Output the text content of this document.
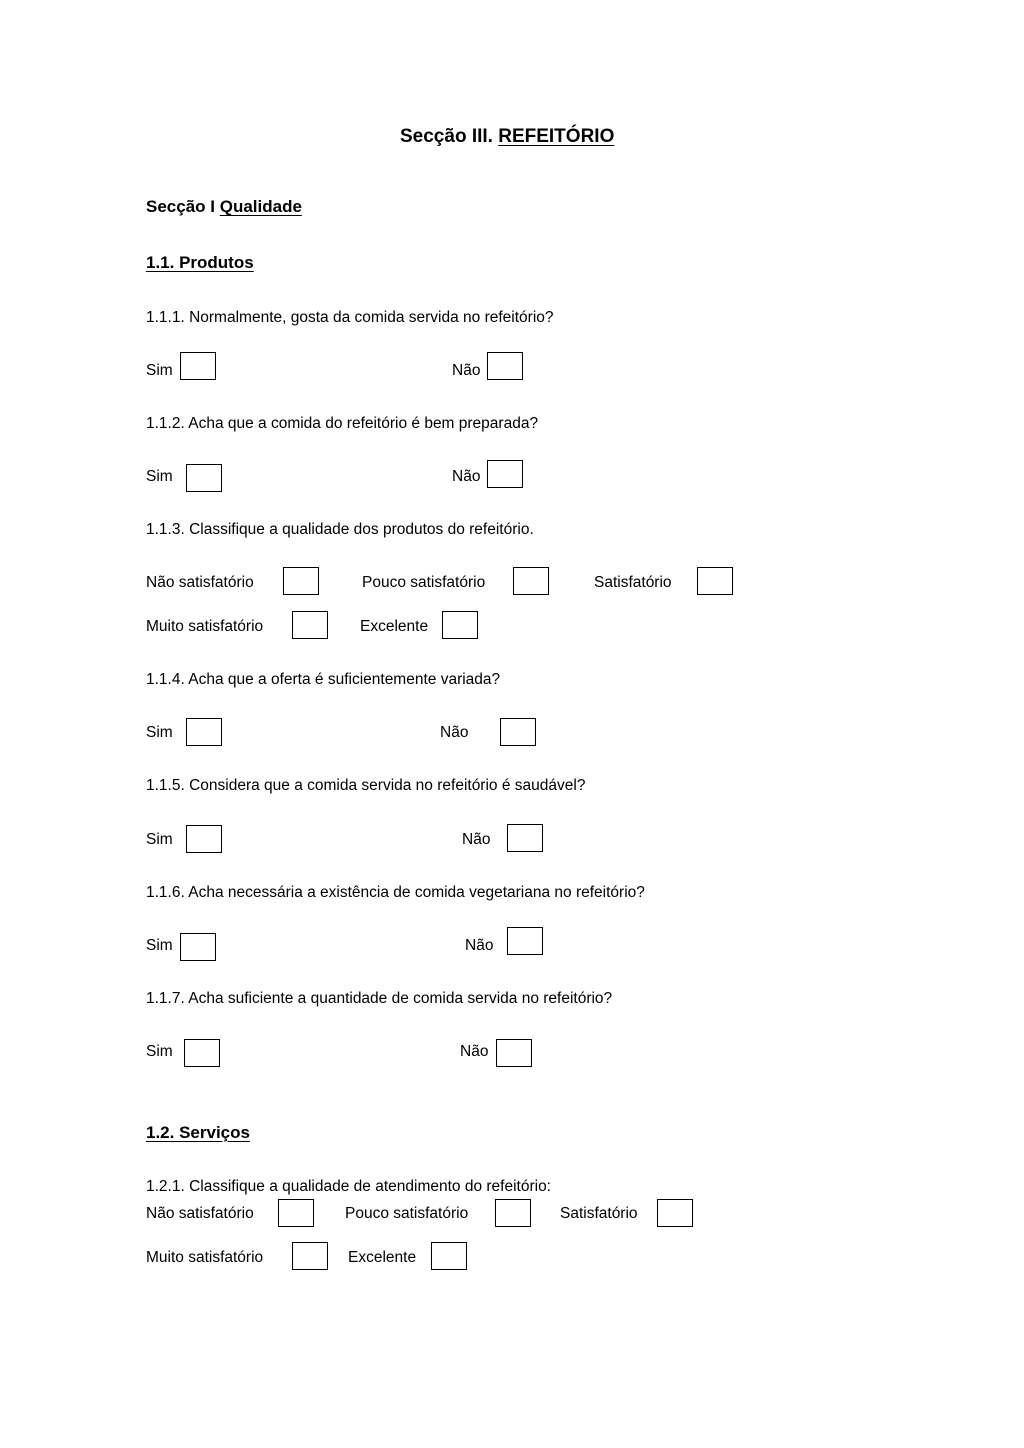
Secção III. REFEITÓRIO
Secção I Qualidade
1.1. Produtos
1.1.1. Normalmente, gosta da comida servida no refeitório?
Sim	Não
1.1.2. Acha que a comida do refeitório é bem preparada?
Sim	Não
1.1.3. Classifique a qualidade dos produtos do refeitório.
Não satisfatório	Pouco satisfatório	Satisfatório
Muito satisfatório	Excelente
1.1.4. Acha que a oferta é suficientemente variada?
Sim	Não
1.1.5. Considera que a comida servida no refeitório é saudável?
Sim	Não
1.1.6. Acha necessária a existência de comida vegetariana no refeitório?
Sim	Não
1.1.7. Acha suficiente a quantidade de comida servida no refeitório?
Sim	Não
1.2. Serviços
1.2.1. Classifique a qualidade de atendimento do refeitório:
Não satisfatório	Pouco satisfatório	Satisfatório
Muito satisfatório	Excelente
